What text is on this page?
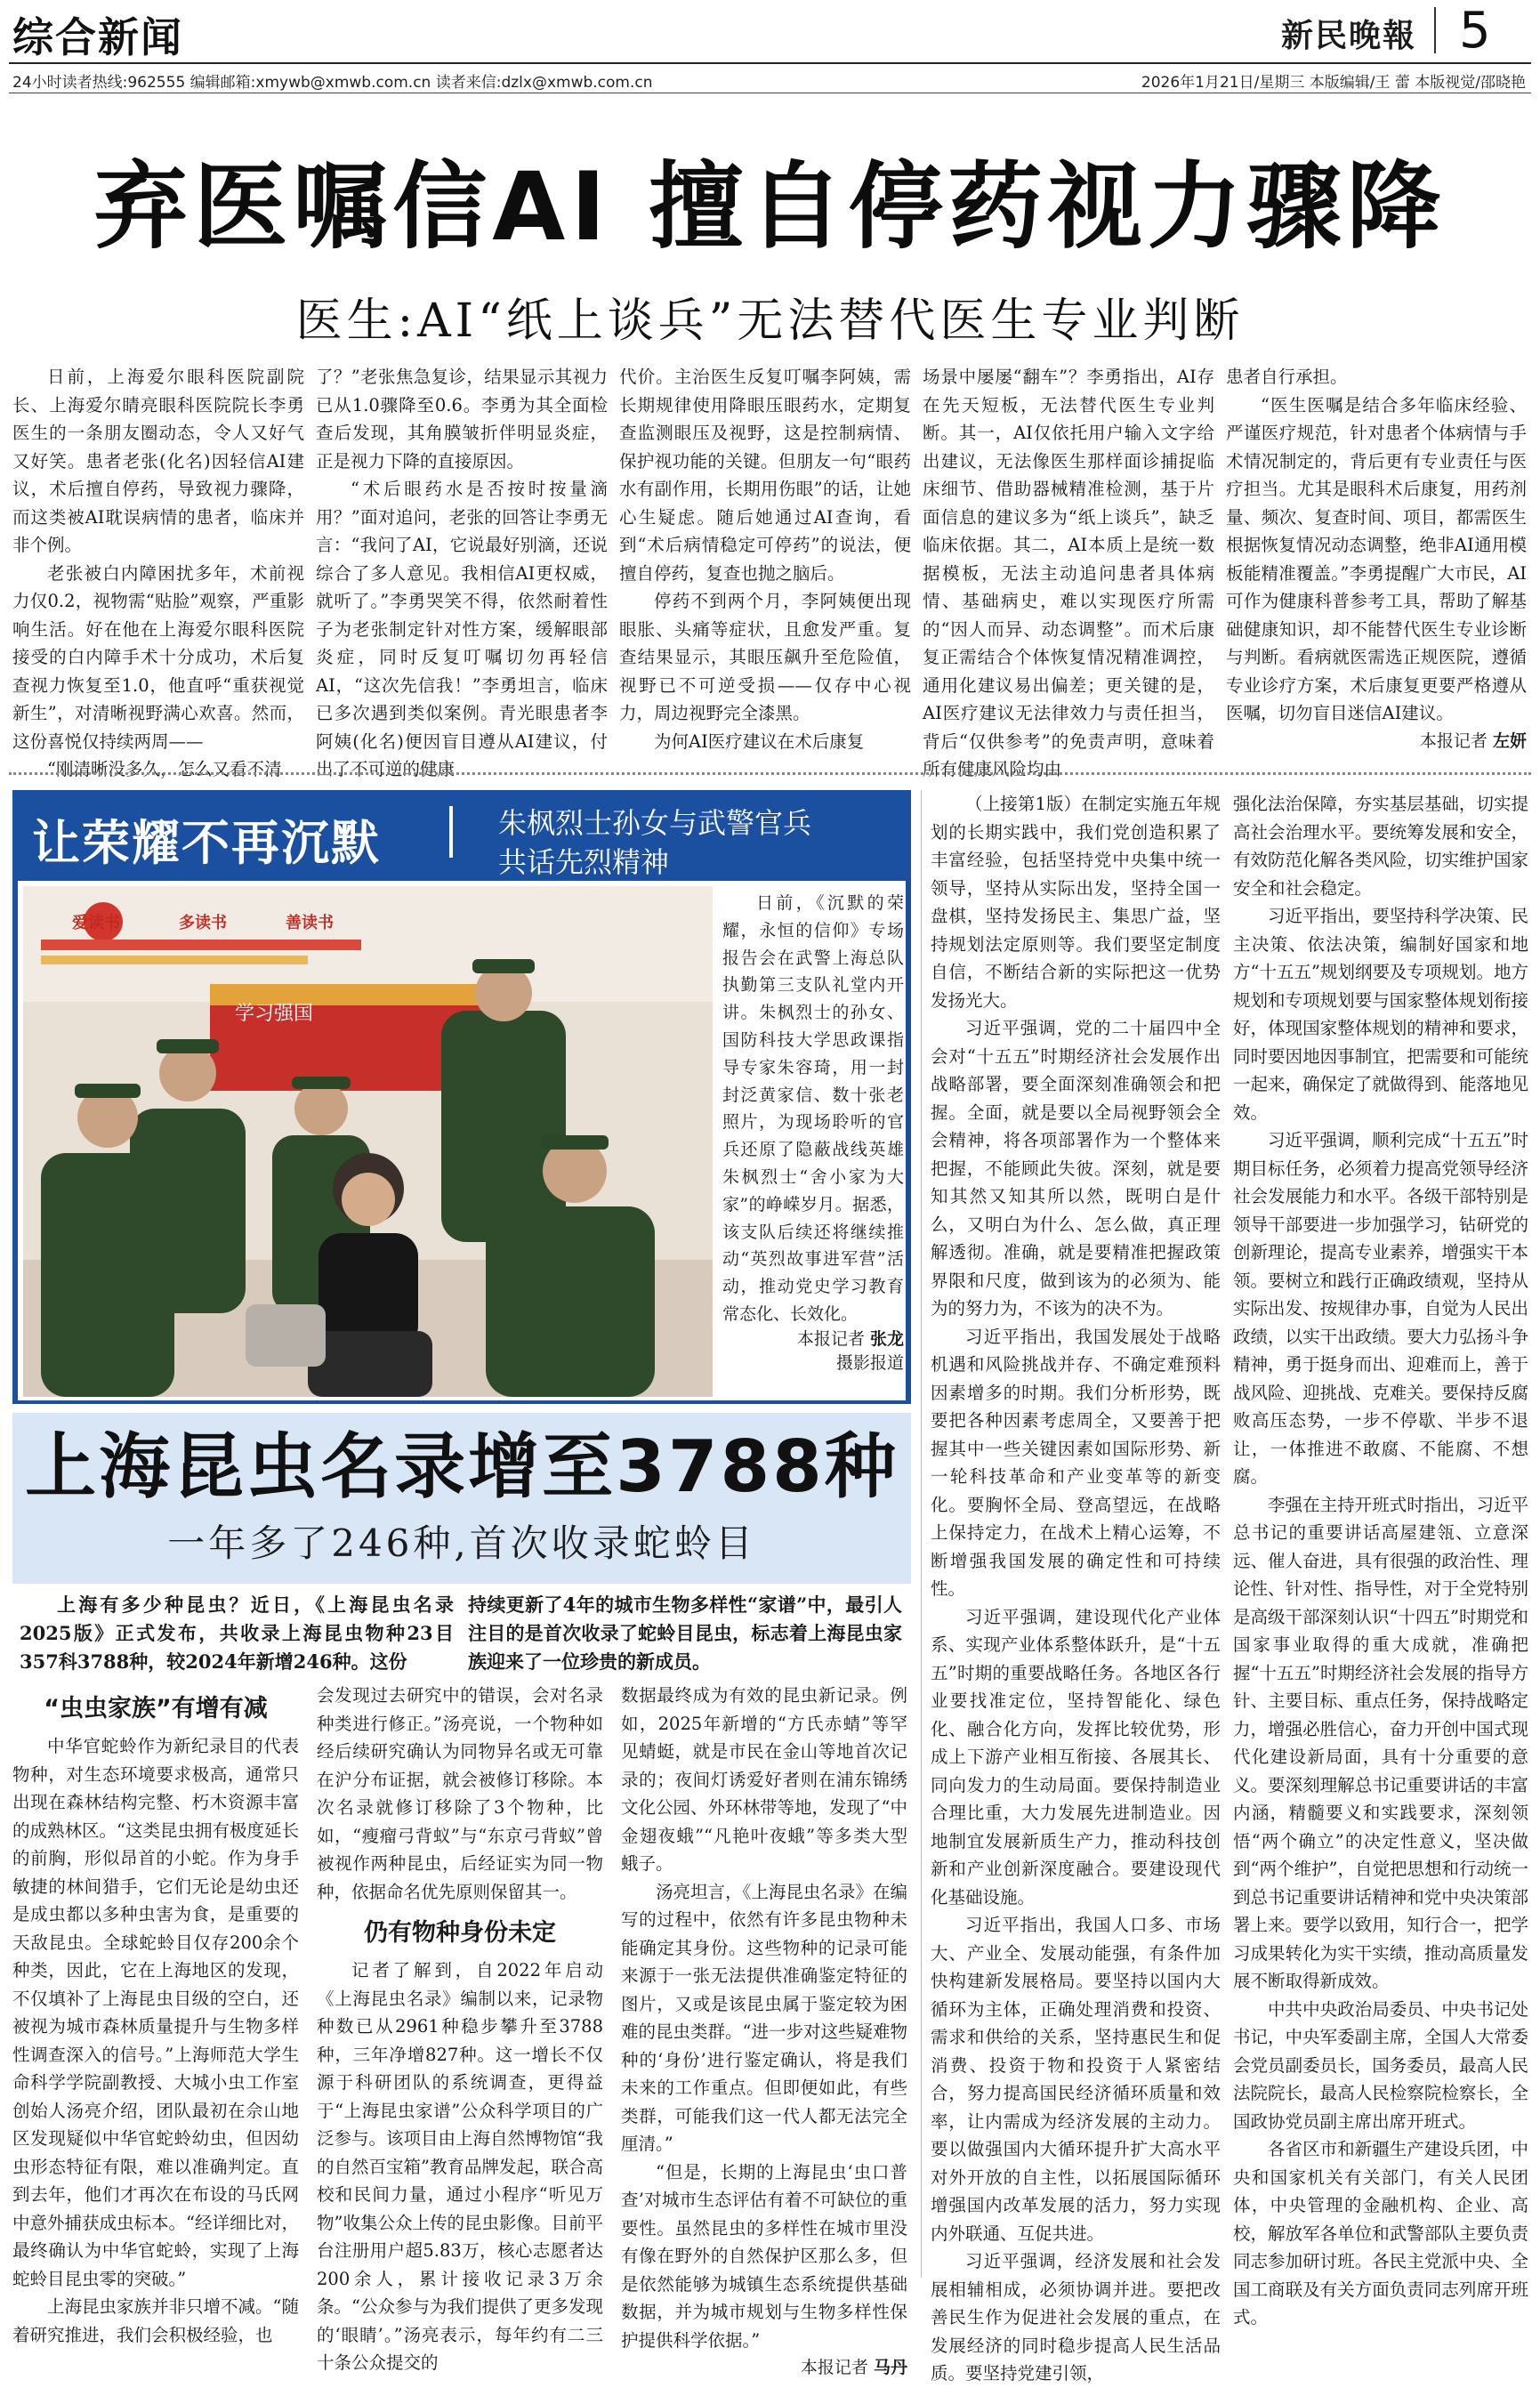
综合新闻	新民晚報 5
24小时读者热线:962555 编辑邮箱:xmywb@xmwb.com.cn 读者来信:dzlx@xmwb.com.cn	2026年1月21日/星期三 本版编辑/王 蕾 本版视觉/邵晓艳
弃医嘱信AI 擅自停药视力骤降
医生:AI“纸上谈兵”无法替代医生专业判断

日前，上海爱尔眼科医院副院长、上海爱尔睛亮眼科医院院长李勇医生的一条朋友圈动态，令人又好气又好笑。患者老张(化名)因轻信AI建议，术后擅自停药，导致视力骤降，而这类被AI耽误病情的患者，临床并非个例。

老张被白内障困扰多年，术前视力仅0.2，视物需“贴脸”观察，严重影响生活。好在他在上海爱尔眼科医院接受的白内障手术十分成功，术后复查视力恢复至1.0，他直呼“重获视觉新生”，对清晰视野满心欢喜。然而，这份喜悦仅持续两周——

“刚清晰没多久，怎么又看不清

了？”老张焦急复诊，结果显示其视力已从1.0骤降至0.6。李勇为其全面检查后发现，其角膜皱折伴明显炎症，正是视力下降的直接原因。

“术后眼药水是否按时按量滴用？”面对追问，老张的回答让李勇无言：“我问了AI，它说最好别滴，还说综合了多人意见。我相信AI更权威，就听了。”李勇哭笑不得，依然耐着性子为老张制定针对性方案，缓解眼部炎症，同时反复叮嘱切勿再轻信AI，“这次先信我！”李勇坦言，临床已多次遇到类似案例。青光眼患者李阿姨(化名)便因盲目遵从AI建议，付出了不可逆的健康

代价。主治医生反复叮嘱李阿姨，需长期规律使用降眼压眼药水，定期复查监测眼压及视野，这是控制病情、保护视功能的关键。但朋友一句“眼药水有副作用，长期用伤眼”的话，让她心生疑虑。随后她通过AI查询，看到“术后病情稳定可停药”的说法，便擅自停药，复查也抛之脑后。

停药不到两个月，李阿姨便出现眼胀、头痛等症状，且愈发严重。复查结果显示，其眼压飙升至危险值，视野已不可逆受损——仅存中心视力，周边视野完全漆黑。

为何AI医疗建议在术后康复

场景中屡屡“翻车”？李勇指出，AI存在先天短板，无法替代医生专业判断。其一，AI仅依托用户输入文字给出建议，无法像医生那样面诊捕捉临床细节、借助器械精准检测，基于片面信息的建议多为“纸上谈兵”，缺乏临床依据。其二，AI本质上是统一数据模板，无法主动追问患者具体病情、基础病史，难以实现医疗所需的“因人而异、动态调整”。而术后康复正需结合个体恢复情况精准调控，通用化建议易出偏差；更关键的是，AI医疗建议无法律效力与责任担当，背后“仅供参考”的免责声明，意味着所有健康风险均由

患者自行承担。

“医生医嘱是结合多年临床经验、严谨医疗规范，针对患者个体病情与手术情况制定的，背后更有专业责任与医疗担当。尤其是眼科术后康复，用药剂量、频次、复查时间、项目，都需医生根据恢复情况动态调整，绝非AI通用模板能精准覆盖。”李勇提醒广大市民，AI可作为健康科普参考工具，帮助了解基础健康知识，却不能替代医生专业诊断与判断。看病就医需选正规医院，遵循专业诊疗方案，术后康复更要严格遵从医嘱，切勿盲目迷信AI建议。

本报记者 左妍
让荣耀不再沉默	朱枫烈士孙女与武警官兵
共话先烈精神
学习强国
爱读书	多读书	善读书

日前，《沉默的荣耀，永恒的信仰》专场报告会在武警上海总队执勤第三支队礼堂内开讲。朱枫烈士的孙女、国防科技大学思政课指导专家朱容琦，用一封封泛黄家信、数十张老照片，为现场聆听的官兵还原了隐蔽战线英雄朱枫烈士“舍小家为大家”的峥嵘岁月。据悉，该支队后续还将继续推动“英烈故事进军营”活动，推动党史学习教育常态化、长效化。

本报记者 张龙
摄影报道
上海昆虫名录增至3788种
一年多了246种,首次收录蛇蛉目

上海有多少种昆虫？近日，《上海昆虫名录2025版》正式发布，共收录上海昆虫物种23目357科3788种，较2024年新增246种。这份

持续更新了4年的城市生物多样性“家谱”中，最引人注目的是首次收录了蛇蛉目昆虫，标志着上海昆虫家族迎来了一位珍贵的新成员。

“虫虫家族”有增有减

中华官蛇蛉作为新纪录目的代表物种，对生态环境要求极高，通常只出现在森林结构完整、朽木资源丰富的成熟林区。“这类昆虫拥有极度延长的前胸，形似昂首的小蛇。作为身手敏捷的林间猎手，它们无论是幼虫还是成虫都以多种虫害为食，是重要的天敌昆虫。全球蛇蛉目仅存200余个种类，因此，它在上海地区的发现，不仅填补了上海昆虫目级的空白，还被视为城市森林质量提升与生物多样性调查深入的信号。”上海师范大学生命科学学院副教授、大城小虫工作室创始人汤亮介绍，团队最初在佘山地区发现疑似中华官蛇蛉幼虫，但因幼虫形态特征有限，难以准确判定。直到去年，他们才再次在布设的马氏网中意外捕获成虫标本。“经详细比对，最终确认为中华官蛇蛉，实现了上海蛇蛉目昆虫零的突破。”

上海昆虫家族并非只增不减。“随着研究推进，我们会积极经验，也

会发现过去研究中的错误，会对名录种类进行修正。”汤亮说，一个物种如经后续研究确认为同物异名或无可靠在沪分布证据，就会被修订移除。本次名录就修订移除了3个物种，比如，“瘦瘤弓背蚁”与“东京弓背蚁”曾被视作两种昆虫，后经证实为同一物种，依据命名优先原则保留其一。

仍有物种身份未定

记者了解到，自2022年启动《上海昆虫名录》编制以来，记录物种数已从2961种稳步攀升至3788种，三年净增827种。这一增长不仅源于科研团队的系统调查，更得益于“上海昆虫家谱”公众科学项目的广泛参与。该项目由上海自然博物馆“我的自然百宝箱”教育品牌发起，联合高校和民间力量，通过小程序“听见万物”收集公众上传的昆虫影像。目前平台注册用户超5.83万，核心志愿者达200余人，累计接收记录3万余条。“公众参与为我们提供了更多发现的‘眼睛’。”汤亮表示，每年约有二三十条公众提交的

数据最终成为有效的昆虫新记录。例如，2025年新增的“方氏赤蜻”等罕见蜻蜓，就是市民在金山等地首次记录的；夜间灯诱爱好者则在浦东锦绣文化公园、外环林带等地，发现了“中金翅夜蛾”“凡艳叶夜蛾”等多类大型蛾子。

汤亮坦言，《上海昆虫名录》在编写的过程中，依然有许多昆虫物种未能确定其身份。这些物种的记录可能来源于一张无法提供准确鉴定特征的图片，又或是该昆虫属于鉴定较为困难的昆虫类群。“进一步对这些疑难物种的‘身份’进行鉴定确认，将是我们未来的工作重点。但即便如此，有些类群，可能我们这一代人都无法完全厘清。”

“但是，长期的上海昆虫‘虫口普查’对城市生态评估有着不可缺位的重要性。虽然昆虫的多样性在城市里没有像在野外的自然保护区那么多，但是依然能够为城镇生态系统提供基础数据，并为城市规划与生物多样性保护提供科学依据。”

本报记者 马丹

（上接第1版）在制定实施五年规划的长期实践中，我们党创造积累了丰富经验，包括坚持党中央集中统一领导，坚持从实际出发，坚持全国一盘棋，坚持发扬民主、集思广益，坚持规划法定原则等。我们要坚定制度自信，不断结合新的实际把这一优势发扬光大。

习近平强调，党的二十届四中全会对“十五五”时期经济社会发展作出战略部署，要全面深刻准确领会和把握。全面，就是要以全局视野领会全会精神，将各项部署作为一个整体来把握，不能顾此失彼。深刻，就是要知其然又知其所以然，既明白是什么，又明白为什么、怎么做，真正理解透彻。准确，就是要精准把握政策界限和尺度，做到该为的必须为、能为的努力为，不该为的决不为。

习近平指出，我国发展处于战略机遇和风险挑战并存、不确定难预料因素增多的时期。我们分析形势，既要把各种因素考虑周全，又要善于把握其中一些关键因素如国际形势、新一轮科技革命和产业变革等的新变化。要胸怀全局、登高望远，在战略上保持定力，在战术上精心运筹，不断增强我国发展的确定性和可持续性。

习近平强调，建设现代化产业体系、实现产业体系整体跃升，是“十五五”时期的重要战略任务。各地区各行业要找准定位，坚持智能化、绿色化、融合化方向，发挥比较优势，形成上下游产业相互衔接、各展其长、同向发力的生动局面。要保持制造业合理比重，大力发展先进制造业。因地制宜发展新质生产力，推动科技创新和产业创新深度融合。要建设现代化基础设施。

习近平指出，我国人口多、市场大、产业全、发展动能强，有条件加快构建新发展格局。要坚持以国内大循环为主体，正确处理消费和投资、需求和供给的关系，坚持惠民生和促消费、投资于物和投资于人紧密结合，努力提高国民经济循环质量和效率，让内需成为经济发展的主动力。要以做强国内大循环提升扩大高水平对外开放的自主性，以拓展国际循环增强国内改革发展的活力，努力实现内外联通、互促共进。

习近平强调，经济发展和社会发展相辅相成，必须协调并进。要把改善民生作为促进社会发展的重点，在发展经济的同时稳步提高人民生活品质。要坚持党建引领，

强化法治保障，夯实基层基础，切实提高社会治理水平。要统筹发展和安全，有效防范化解各类风险，切实维护国家安全和社会稳定。

习近平指出，要坚持科学决策、民主决策、依法决策，编制好国家和地方“十五五”规划纲要及专项规划。地方规划和专项规划要与国家整体规划衔接好，体现国家整体规划的精神和要求，同时要因地因事制宜，把需要和可能统一起来，确保定了就做得到、能落地见效。

习近平强调，顺利完成“十五五”时期目标任务，必须着力提高党领导经济社会发展能力和水平。各级干部特别是领导干部要进一步加强学习，钻研党的创新理论，提高专业素养，增强实干本领。要树立和践行正确政绩观，坚持从实际出发、按规律办事，自觉为人民出政绩，以实干出政绩。要大力弘扬斗争精神，勇于挺身而出、迎难而上，善于战风险、迎挑战、克难关。要保持反腐败高压态势，一步不停歇、半步不退让，一体推进不敢腐、不能腐、不想腐。

李强在主持开班式时指出，习近平总书记的重要讲话高屋建瓴、立意深远、催人奋进，具有很强的政治性、理论性、针对性、指导性，对于全党特别是高级干部深刻认识“十四五”时期党和国家事业取得的重大成就，准确把握“十五五”时期经济社会发展的指导方针、主要目标、重点任务，保持战略定力，增强必胜信心，奋力开创中国式现代化建设新局面，具有十分重要的意义。要深刻理解总书记重要讲话的丰富内涵，精髓要义和实践要求，深刻领悟“两个确立”的决定性意义，坚决做到“两个维护”，自觉把思想和行动统一到总书记重要讲话精神和党中央决策部署上来。要学以致用，知行合一，把学习成果转化为实干实绩，推动高质量发展不断取得新成效。

中共中央政治局委员、中央书记处书记，中央军委副主席，全国人大常委会党员副委员长，国务委员，最高人民法院院长，最高人民检察院检察长，全国政协党员副主席出席开班式。

各省区市和新疆生产建设兵团，中央和国家机关有关部门，有关人民团体，中央管理的金融机构、企业、高校，解放军各单位和武警部队主要负责同志参加研讨班。各民主党派中央、全国工商联及有关方面负责同志列席开班式。
